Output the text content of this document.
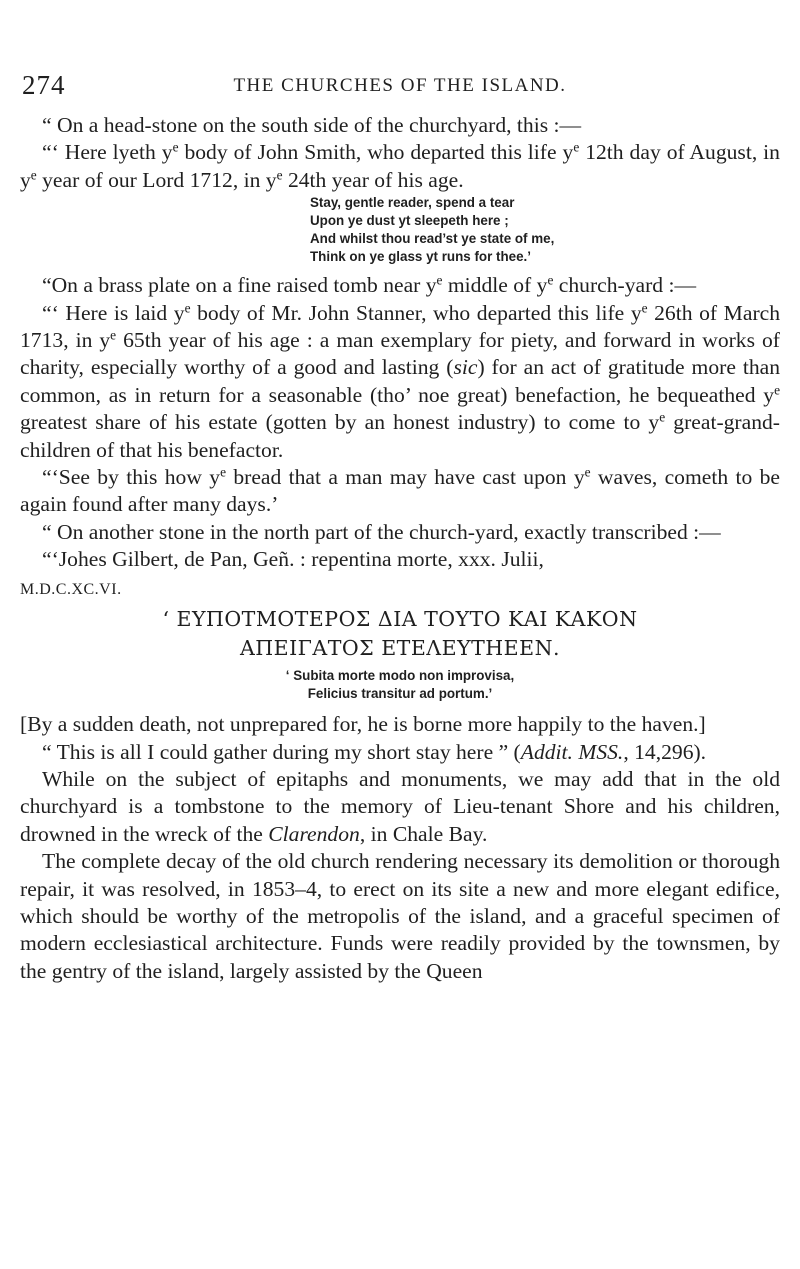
274	THE CHURCHES OF THE ISLAND.

“ On a head-stone on the south side of the churchyard, this :—

“‘ Here lyeth $y^e$ body of John Smith, who departed this life $y^e$ 12th day of August, in $y^e$ year of our Lord 1712, in $y^e$ 24th year of his age.

Stay, gentle reader, spend a tear
Upon ye dust yt sleepeth here ;
And whilst thou read’st ye state of me,
Think on ye glass yt runs for thee.’

“On a brass plate on a fine raised tomb near $y^e$ middle of $y^e$ church-yard :—

“‘ Here is laid $y^e$ body of Mr. John Stanner, who departed this life $y^e$ 26th of March 1713, in $y^e$ 65th year of his age : a man exemplary for piety, and forward in works of charity, especially worthy of a good and lasting (sic) for an act of gratitude more than common, as in return for a seasonable (tho’ noe great) benefaction, he bequeathed $y^e$ greatest share of his estate (gotten by an honest industry) to come to $y^e$ great-grand-children of that his benefactor.

“‘See by this how $y^e$ bread that a man may have cast upon $y^e$ waves, cometh to be again found after many days.’

“ On another stone in the north part of the church-yard, exactly transcribed :—

“‘Johes Gilbert, de Pan, Geñ. : repentina morte, xxx. Julii,
M.D.C.XC.VI.

‘ ΕΥΠΟΤΜΟΤΕΡΟΣ ΔΙΑ ΤΟΥΤΟ ΚΑΙ ΚΑΚΟΝ
ΑΠΕΙΓΑΤΟΣ ΕΤΕΛΕΥΤΗΕΕΝ.
‘ Subita morte modo non improvisa,
Felicius transitur ad portum.’

[By a sudden death, not unprepared for, he is borne more happily to the haven.]

“ This is all I could gather during my short stay here ” (Addit. MSS., 14,296).

While on the subject of epitaphs and monuments, we may add that in the old churchyard is a tombstone to the memory of Lieu-tenant Shore and his children, drowned in the wreck of the Clarendon, in Chale Bay.

The complete decay of the old church rendering necessary its demolition or thorough repair, it was resolved, in 1853–4, to erect on its site a new and more elegant edifice, which should be worthy of the metropolis of the island, and a graceful specimen of modern ecclesiastical architecture. Funds were readily provided by the townsmen, by the gentry of the island, largely assisted by the Queen
